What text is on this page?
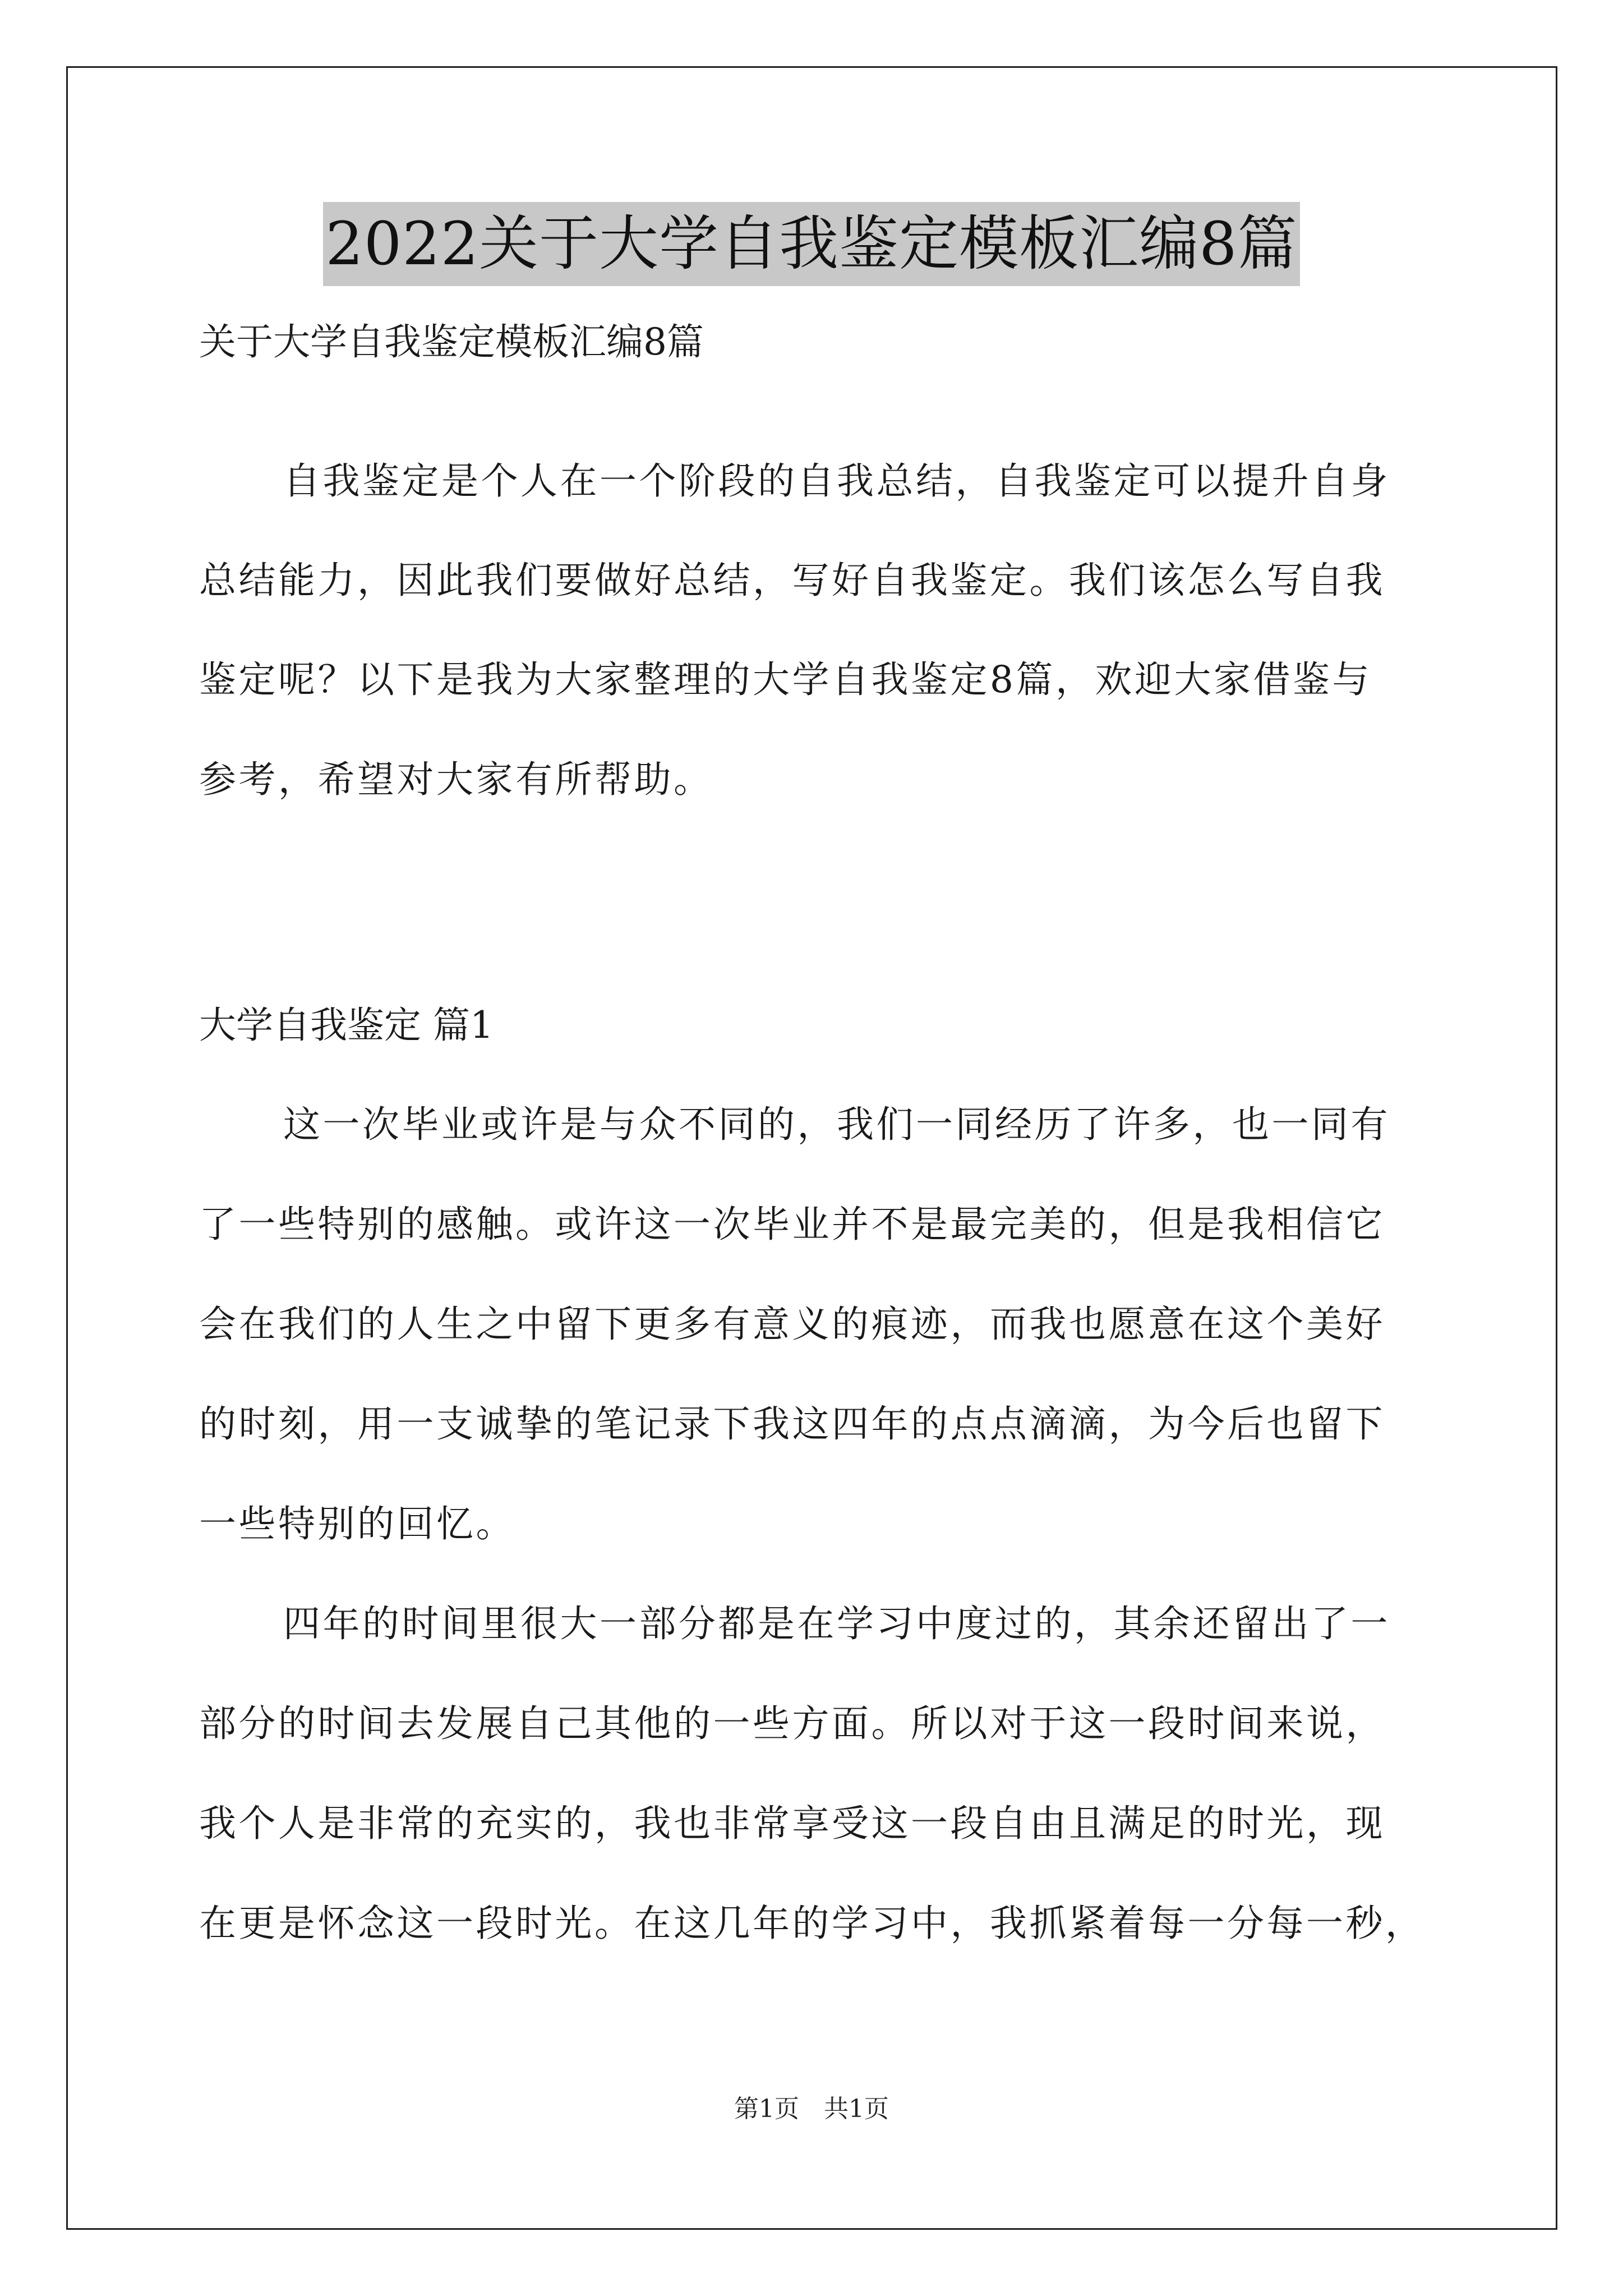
2022关于大学自我鉴定模板汇编8篇
关于大学自我鉴定模板汇编8篇
自我鉴定是个人在一个阶段的自我总结，自我鉴定可以提升自身
总结能力，因此我们要做好总结，写好自我鉴定。我们该怎么写自我
鉴定呢？以下是我为大家整理的大学自我鉴定8篇，欢迎大家借鉴与
参考，希望对大家有所帮助。
大学自我鉴定 篇1
这一次毕业或许是与众不同的，我们一同经历了许多，也一同有
了一些特别的感触。或许这一次毕业并不是最完美的，但是我相信它
会在我们的人生之中留下更多有意义的痕迹，而我也愿意在这个美好
的时刻，用一支诚挚的笔记录下我这四年的点点滴滴，为今后也留下
一些特别的回忆。
四年的时间里很大一部分都是在学习中度过的，其余还留出了一
部分的时间去发展自己其他的一些方面。所以对于这一段时间来说，
我个人是非常的充实的，我也非常享受这一段自由且满足的时光，现
在更是怀念这一段时光。在这几年的学习中，我抓紧着每一分每一秒，
第1页　共1页
